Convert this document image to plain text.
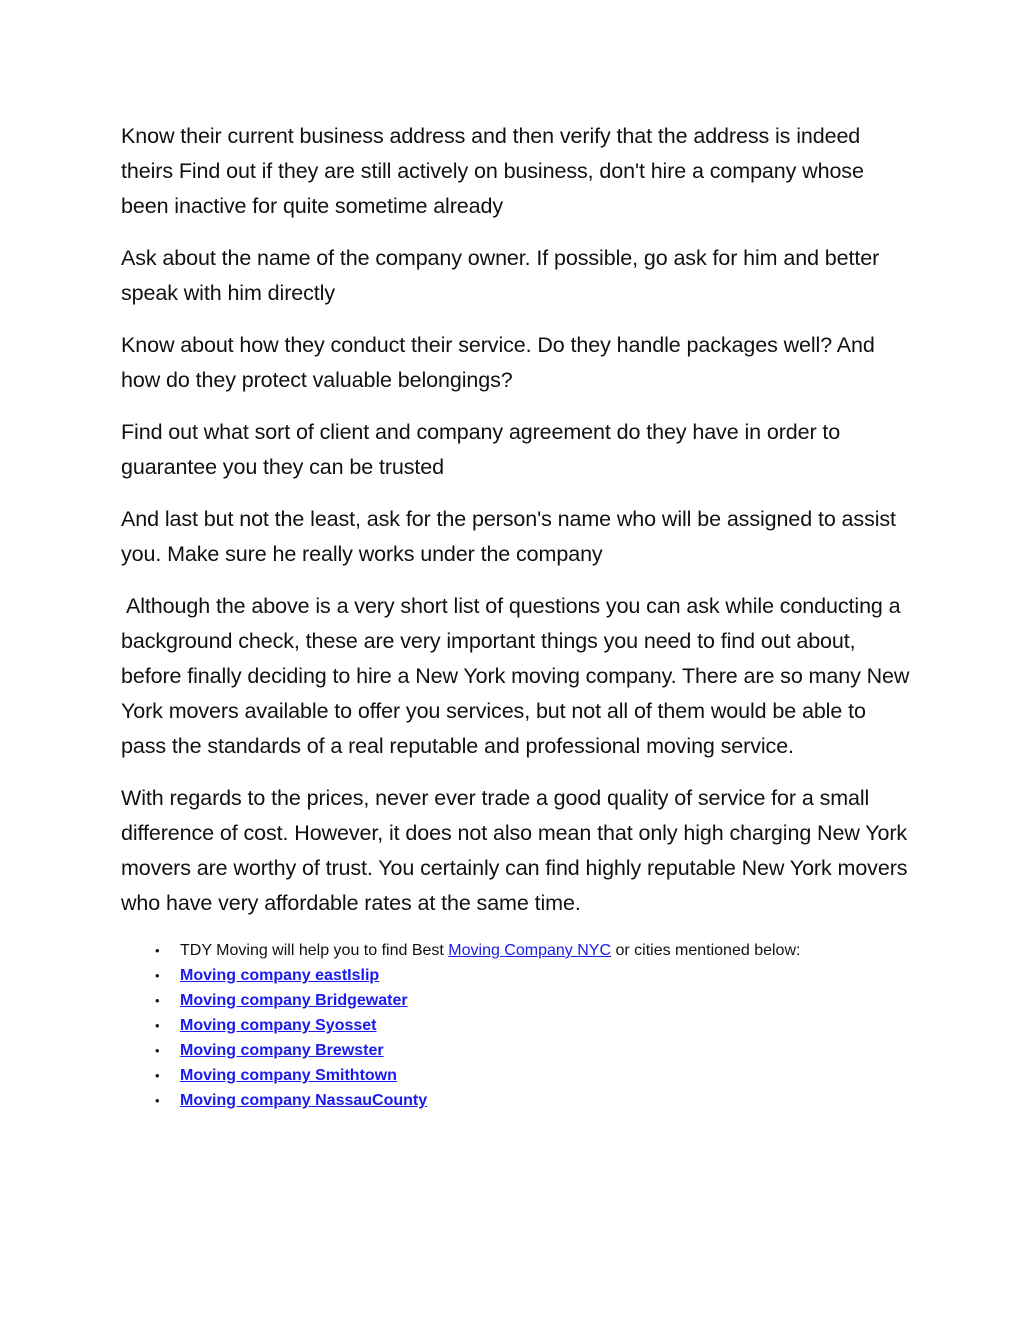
Know their current business address and then verify that the address is indeed theirs Find out if they are still actively on business, don't hire a company whose been inactive for quite sometime already

Ask about the name of the company owner. If possible, go ask for him and better speak with him directly

Know about how they conduct their service. Do they handle packages well? And how do they protect valuable belongings?

Find out what sort of client and company agreement do they have in order to guarantee you they can be trusted

And last but not the least, ask for the person's name who will be assigned to assist you. Make sure he really works under the company

Although the above is a very short list of questions you can ask while conducting a background check, these are very important things you need to find out about, before finally deciding to hire a New York moving company. There are so many New York movers available to offer you services, but not all of them would be able to pass the standards of a real reputable and professional moving service.

With regards to the prices, never ever trade a good quality of service for a small difference of cost. However, it does not also mean that only high charging New York movers are worthy of trust. You certainly can find highly reputable New York movers who have very affordable rates at the same time.

• TDY Moving will help you to find Best Moving Company NYC or cities mentioned below:
• Moving company eastIslip
• Moving company Bridgewater
• Moving company Syosset
• Moving company Brewster
• Moving company Smithtown
• Moving company NassauCounty
